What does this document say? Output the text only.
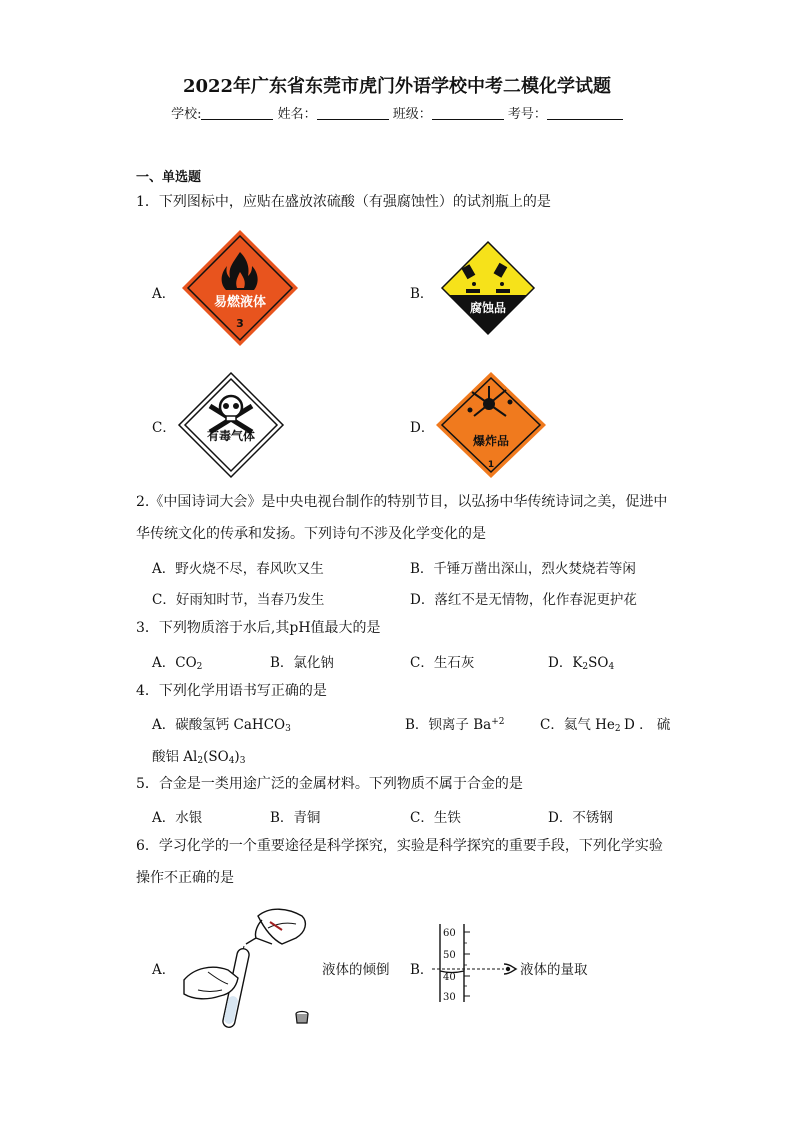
2022年广东省东莞市虎门外语学校中考二模化学试题
学校:	姓名：	班级：	考号：
一、单选题
1．下列图标中，应贴在盛放浓硫酸（有强腐蚀性）的试剂瓶上的是
A．
易燃液体
3
B．
腐蚀品
C．	有毒气体	D．
爆炸品
1
2.《中国诗词大会》是中央电视台制作的特别节目，以弘扬中华传统诗词之美，促进中
华传统文化的传承和发扬。下列诗句不涉及化学变化的是
A．野火烧不尽，春风吹又生	B．千锤万凿出深山，烈火焚烧若等闲
C．好雨知时节，当春乃发生	D．落红不是无情物，化作春泥更护花
3．下列物质溶于水后,其pH值最大的是
A．$CO_2$	B．氯化钠	C．生石灰	D．$K_2SO_4$
4．下列化学用语书写正确的是
A．碳酸氢钙 CaHCO$_3$	B．钡离子 $Ba^{+2}$	C．氦气 $He_2$ D ． 硫
酸铝 $Al_2(SO_4)_3$
5．合金是一类用途广泛的金属材料。下列物质不属于合金的是
A．水银	B．青铜	C．生铁	D．不锈钢
6．学习化学的一个重要途径是科学探究，实验是科学探究的重要手段，下列化学实验
操作不正确的是
A．	液体的倾倒 B．
60
50
40
30
液体的量取
